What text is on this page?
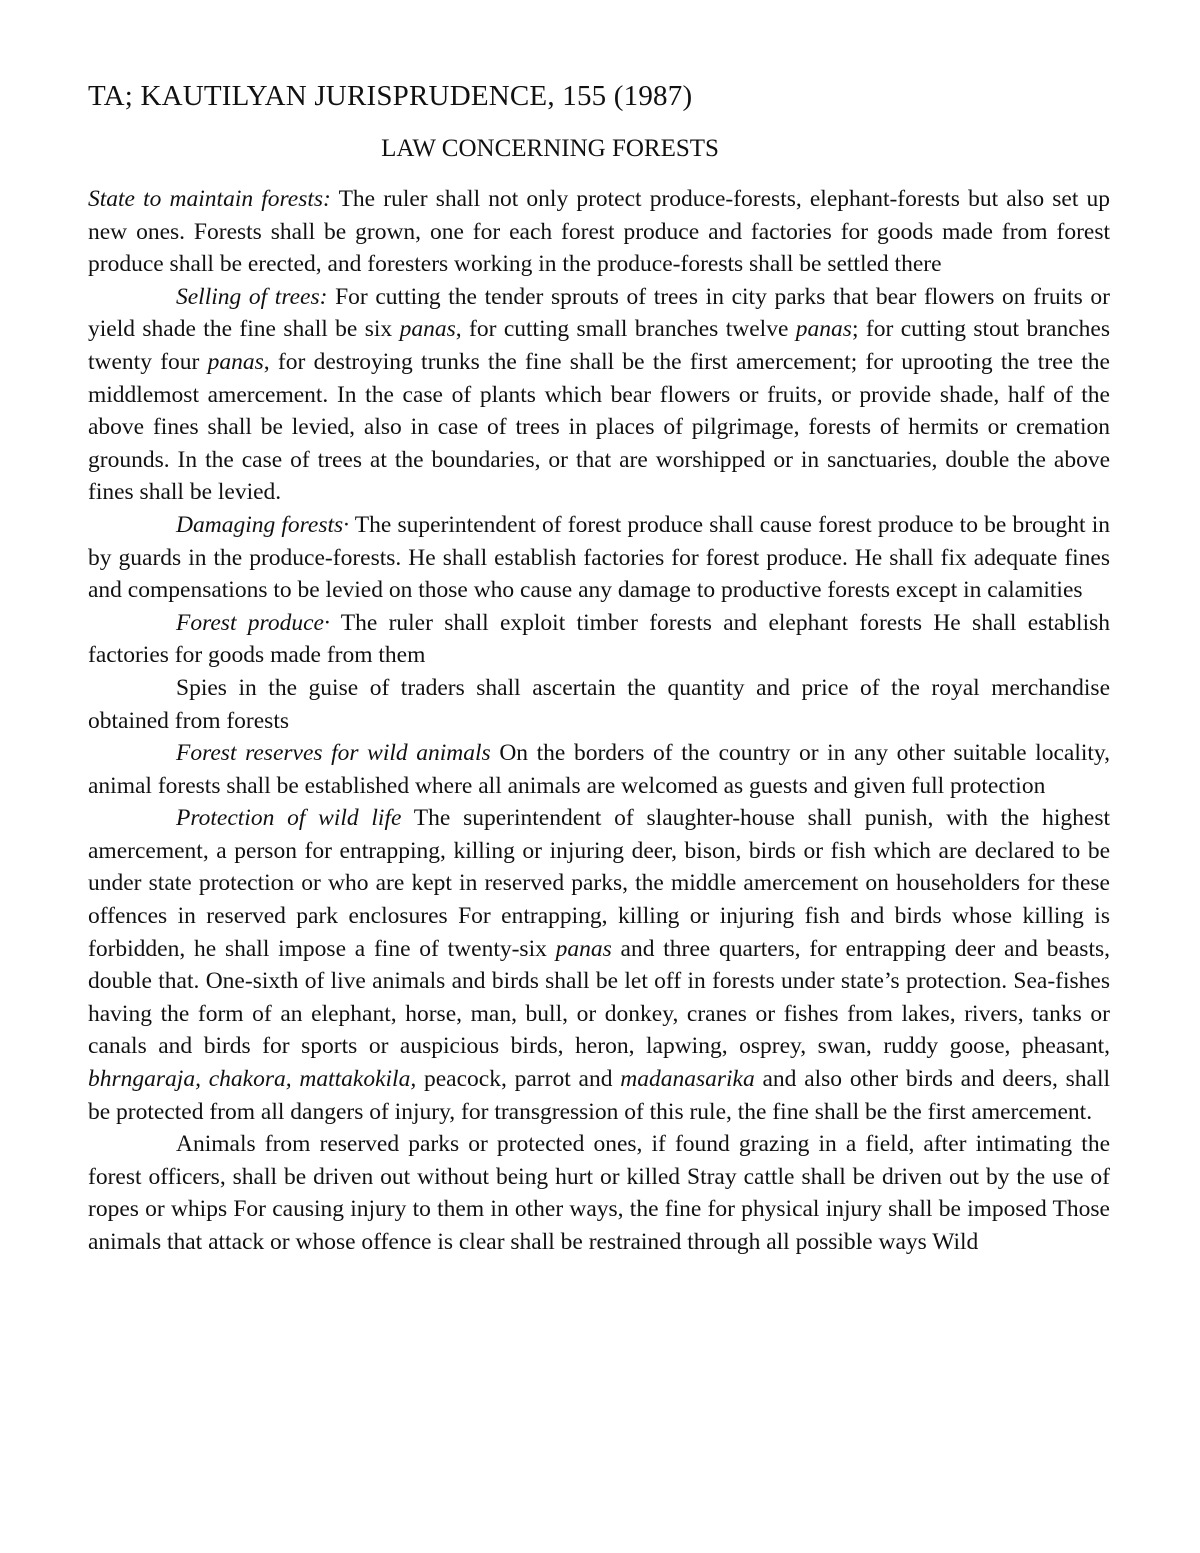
TA; KAUTILYAN JURISPRUDENCE, 155 (1987)
LAW CONCERNING FORESTS

State to maintain forests: The ruler shall not only protect produce-forests, elephant-forests but also set up new ones. Forests shall be grown, one for each forest produce and factories for goods made from forest produce shall be erected, and foresters working in the produce-forests shall be settled there

Selling of trees: For cutting the tender sprouts of trees in city parks that bear flowers on fruits or yield shade the fine shall be six panas, for cutting small branches twelve panas; for cutting stout branches twenty four panas, for destroying trunks the fine shall be the first amercement; for uprooting the tree the middlemost amercement. In the case of plants which bear flowers or fruits, or provide shade, half of the above fines shall be levied, also in case of trees in places of pilgrimage, forests of hermits or cremation grounds. In the case of trees at the boundaries, or that are worshipped or in sanctuaries, double the above fines shall be levied.

Damaging forests· The superintendent of forest produce shall cause forest produce to be brought in by guards in the produce-forests. He shall establish factories for forest produce. He shall fix adequate fines and compensations to be levied on those who cause any damage to productive forests except in calamities

Forest produce· The ruler shall exploit timber forests and elephant forests He shall establish factories for goods made from them

Spies in the guise of traders shall ascertain the quantity and price of the royal merchandise obtained from forests

Forest reserves for wild animals On the borders of the country or in any other suitable locality, animal forests shall be established where all animals are welcomed as guests and given full protection

Protection of wild life The superintendent of slaughter-house shall punish, with the highest amercement, a person for entrapping, killing or injuring deer, bison, birds or fish which are declared to be under state protection or who are kept in reserved parks, the middle amercement on householders for these offences in reserved park enclosures For entrapping, killing or injuring fish and birds whose killing is forbidden, he shall impose a fine of twenty-six panas and three quarters, for entrapping deer and beasts, double that. One-sixth of live animals and birds shall be let off in forests under state’s protection. Sea-fishes having the form of an elephant, horse, man, bull, or donkey, cranes or fishes from lakes, rivers, tanks or canals and birds for sports or auspicious birds, heron, lapwing, osprey, swan, ruddy goose, pheasant, bhrngaraja, chakora, mattakokila, peacock, parrot and madanasarika and also other birds and deers, shall be protected from all dangers of injury, for transgression of this rule, the fine shall be the first amercement.

Animals from reserved parks or protected ones, if found grazing in a field, after intimating the forest officers, shall be driven out without being hurt or killed Stray cattle shall be driven out by the use of ropes or whips For causing injury to them in other ways, the fine for physical injury shall be imposed Those animals that attack or whose offence is clear shall be restrained through all possible ways Wild
